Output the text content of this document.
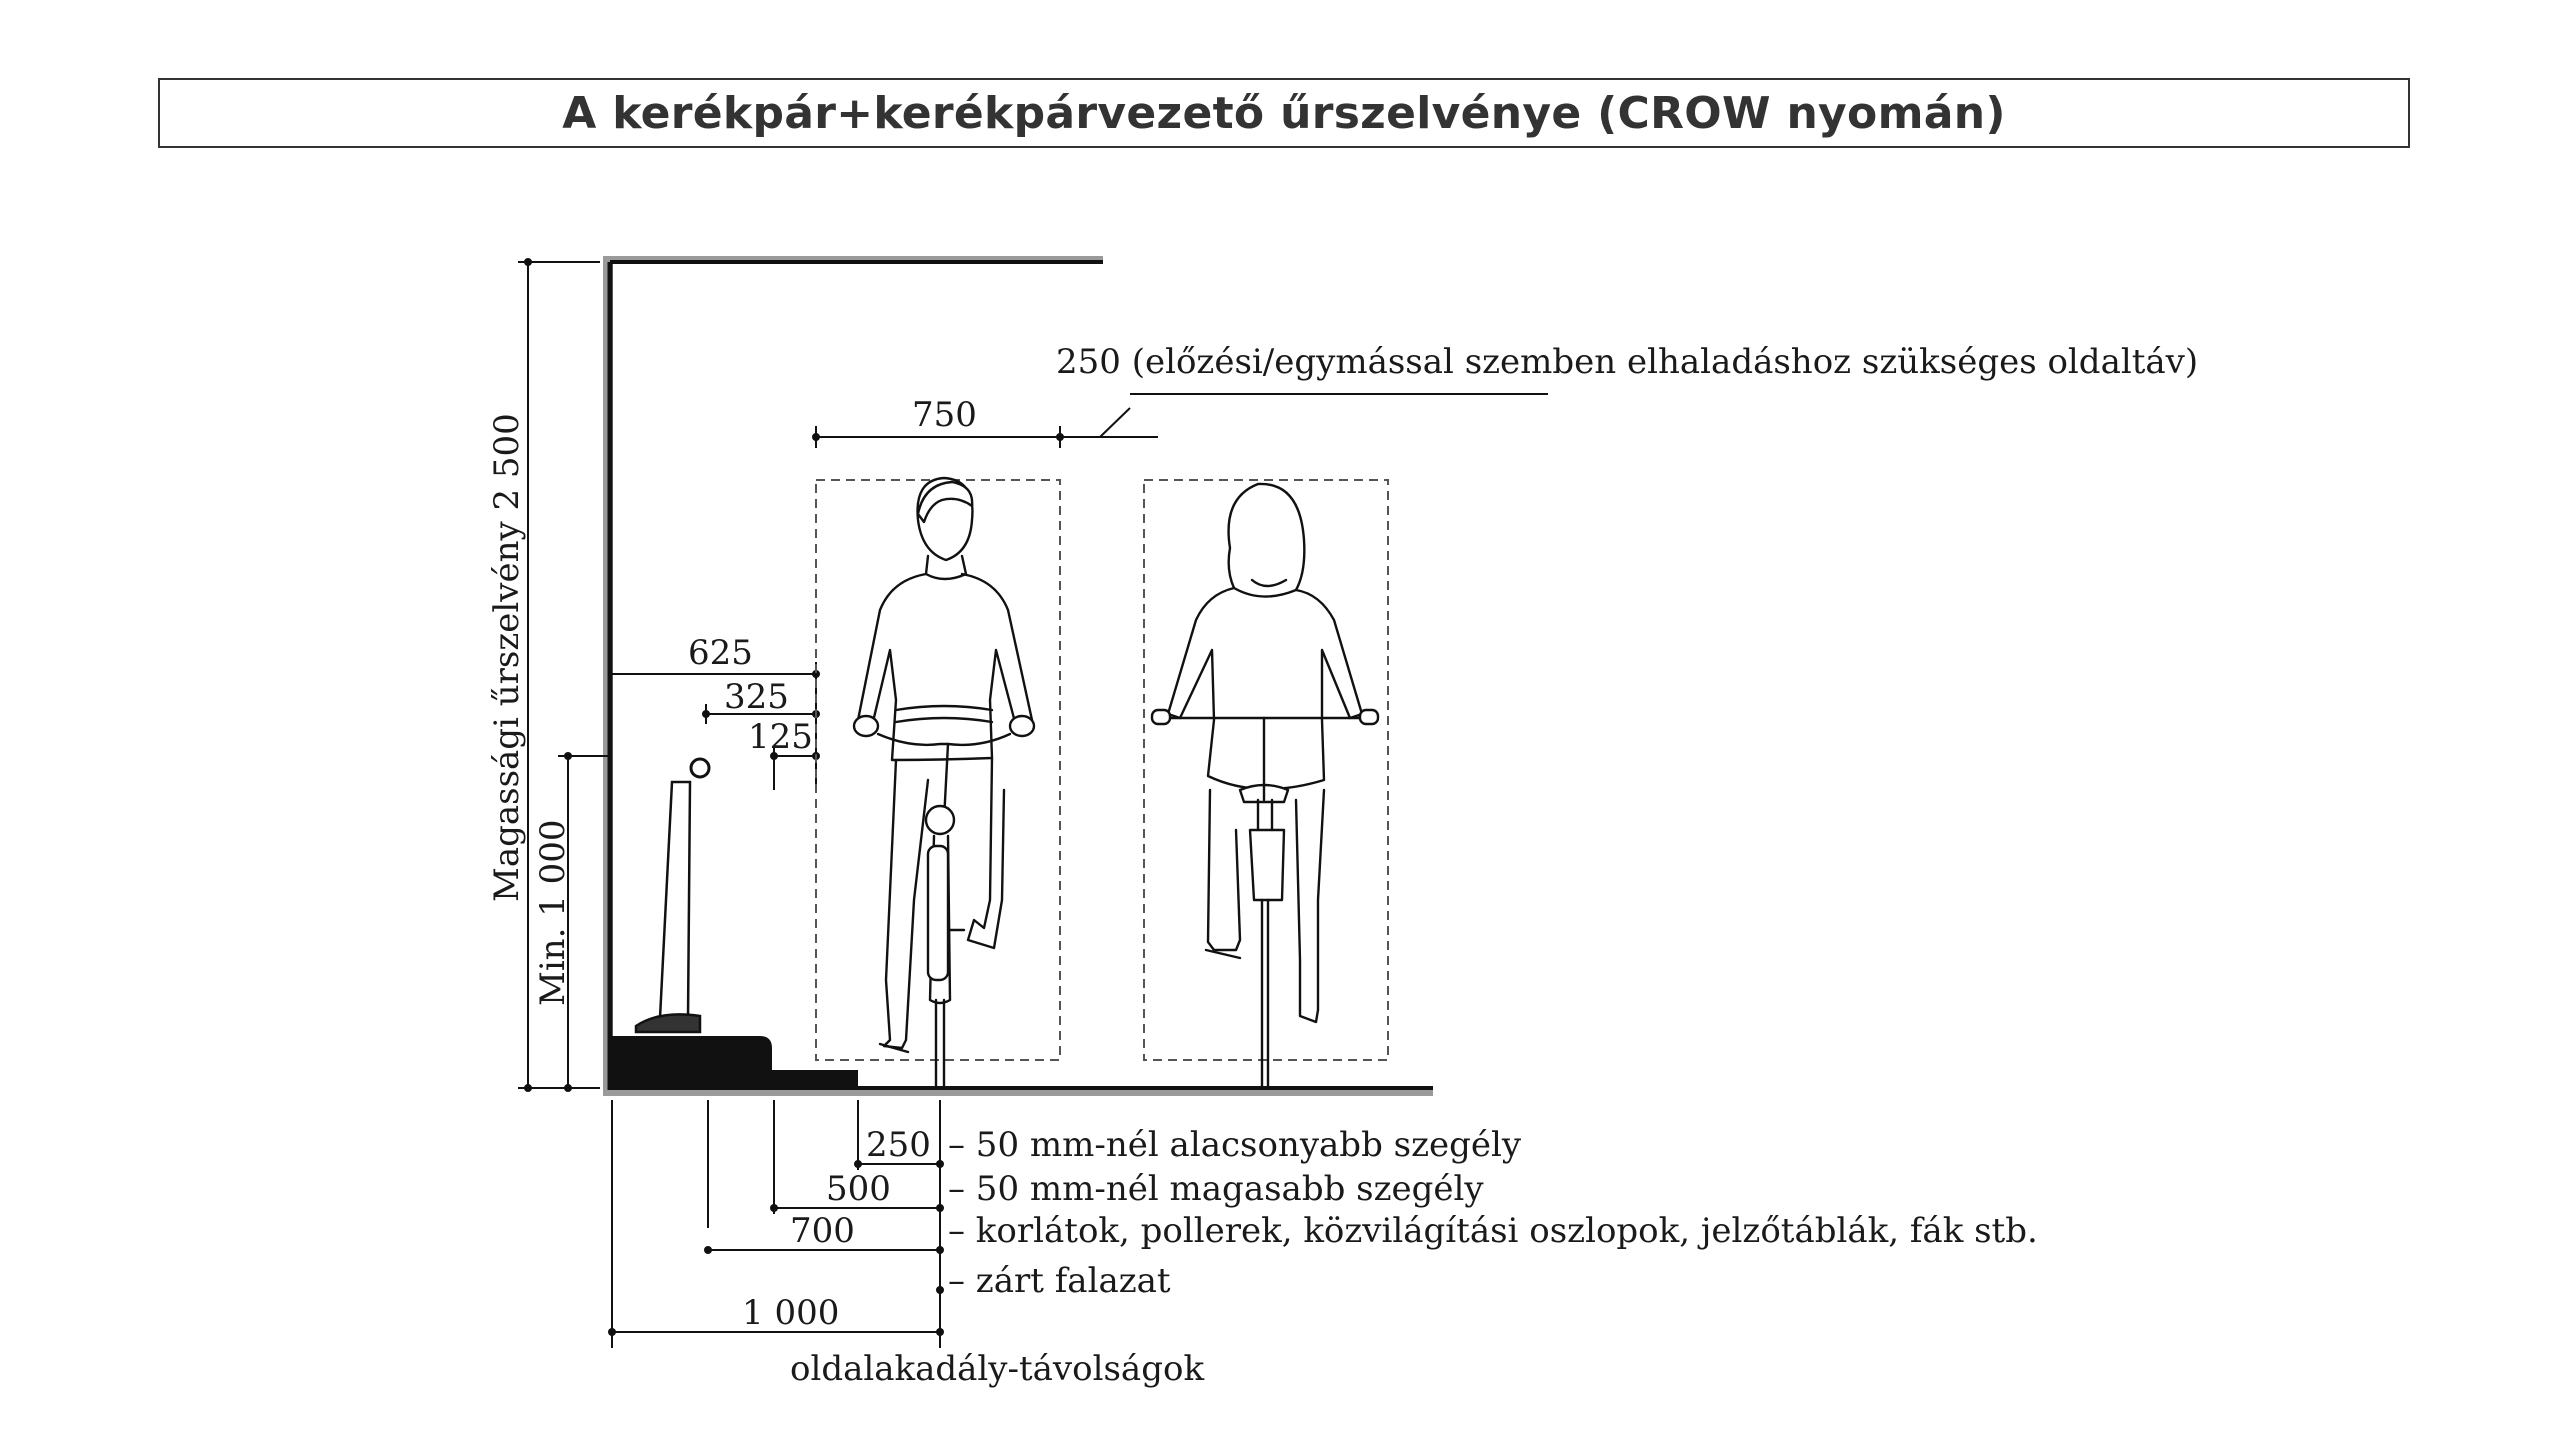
A kerékpár+kerékpárvezető űrszelvénye (CROW nyomán)
Magassági űrszelvény 2 500
Min. 1 000
750
250 (előzési/egymással szemben elhaladáshoz szükséges oldaltáv)
625
325
125
250 – 50 mm-nél alacsonyabb szegély
500 – 50 mm-nél magasabb szegély
700	– korlátok, pollerek, közvilágítási oszlopok, jelzőtáblák, fák stb.
1 000
– zárt falazat
oldalakadály-távolságok
